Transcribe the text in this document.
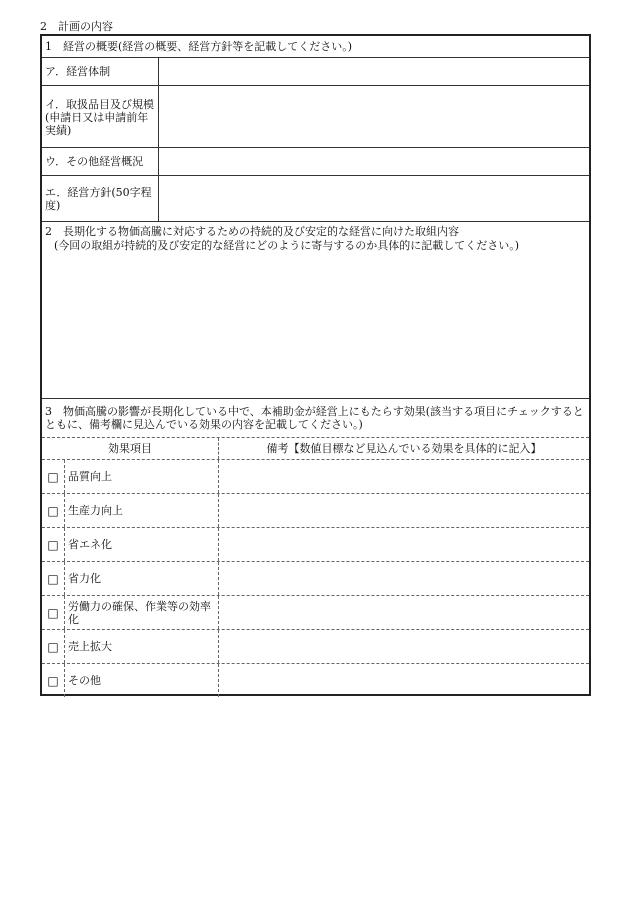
2　計画の内容
1　経営の概要(経営の概要、経営方針等を記載してください。)
ア．経営体制
イ．取扱品目及び規模(申請日又は申請前年実績)
ウ．その他経営概況
エ．経営方針(50字程度)
2　長期化する物価高騰に対応するための持続的及び安定的な経営に向けた取組内容
(今回の取組が持続的及び安定的な経営にどのように寄与するのか具体的に記載してください。)
3　物価高騰の影響が長期化している中で、本補助金が経営上にもたらす効果(該当する項目にチェックするとともに、備考欄に見込んでいる効果の内容を記載してください。)
効果項目	備考【数値目標など見込んでいる効果を具体的に記入】
□ 品質向上
□ 生産力向上
□ 省エネ化
□ 省力化
□ 労働力の確保、作業等の効率化
□ 売上拡大
□ その他
